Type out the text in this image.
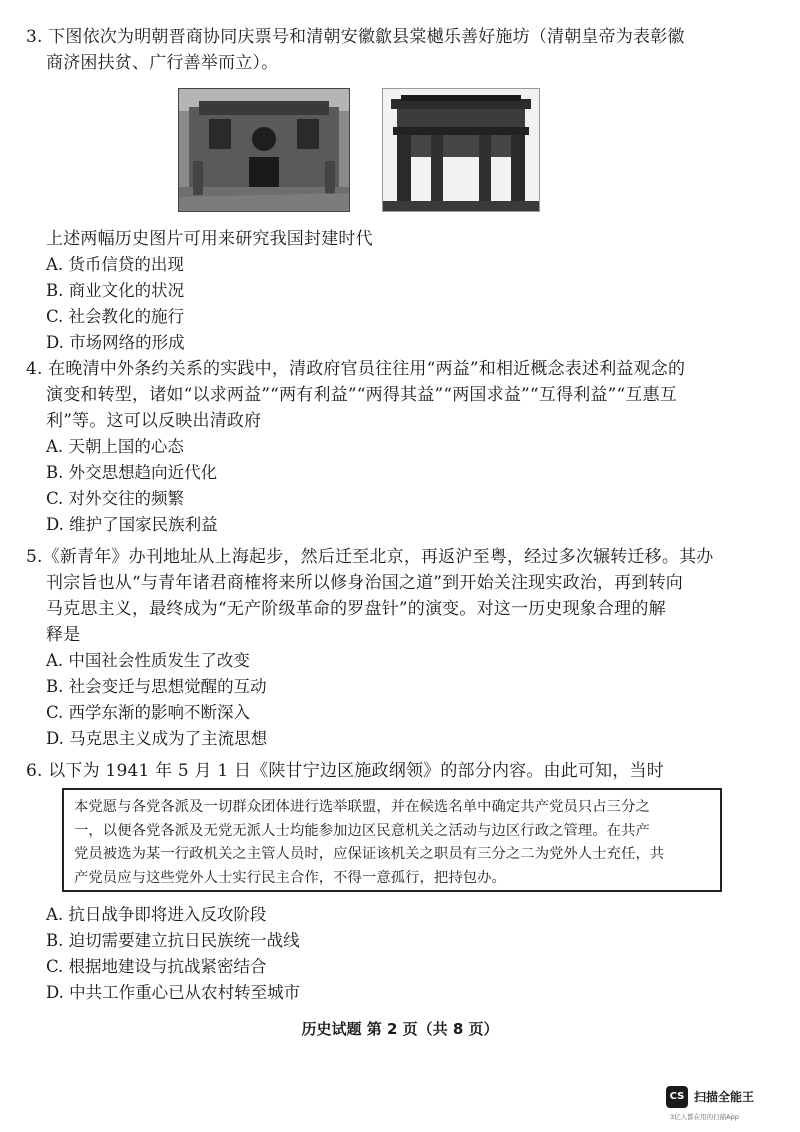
3. 下图依次为明朝晋商协同庆票号和清朝安徽歙县棠樾乐善好施坊（清朝皇帝为表彰徽
商济困扶贫、广行善举而立）。
上述两幅历史图片可用来研究我国封建时代
A. 货币信贷的出现
B. 商业文化的状况
C. 社会教化的施行
D. 市场网络的形成
4. 在晚清中外条约关系的实践中，清政府官员往往用“两益”和相近概念表述利益观念的
演变和转型，诸如“以求两益”“两有利益”“两得其益”“两国求益”“互得利益”“互惠互
利”等。这可以反映出清政府
A. 天朝上国的心态
B. 外交思想趋向近代化
C. 对外交往的频繁
D. 维护了国家民族利益
5.《新青年》办刊地址从上海起步，然后迁至北京，再返沪至粤，经过多次辗转迁移。其办
刊宗旨也从“与青年诸君商榷将来所以修身治国之道”到开始关注现实政治，再到转向
马克思主义，最终成为“无产阶级革命的罗盘针”的演变。对这一历史现象合理的解
释是
A. 中国社会性质发生了改变
B. 社会变迁与思想觉醒的互动
C. 西学东渐的影响不断深入
D. 马克思主义成为了主流思想
6. 以下为 1941 年 5 月 1 日《陕甘宁边区施政纲领》的部分内容。由此可知，当时
本党愿与各党各派及一切群众团体进行选举联盟，并在候选名单中确定共产党员只占三分之
一，以便各党各派及无党无派人士均能参加边区民意机关之活动与边区行政之管理。在共产
党员被选为某一行政机关之主管人员时，应保证该机关之职员有三分之二为党外人士充任，共
产党员应与这些党外人士实行民主合作，不得一意孤行，把持包办。
A. 抗日战争即将进入反攻阶段
B. 迫切需要建立抗日民族统一战线
C. 根据地建设与抗战紧密结合
D. 中共工作重心已从农村转至城市
历史试题 第 2 页（共 8 页）
CS 扫描全能王
3亿人都在用的扫描App
